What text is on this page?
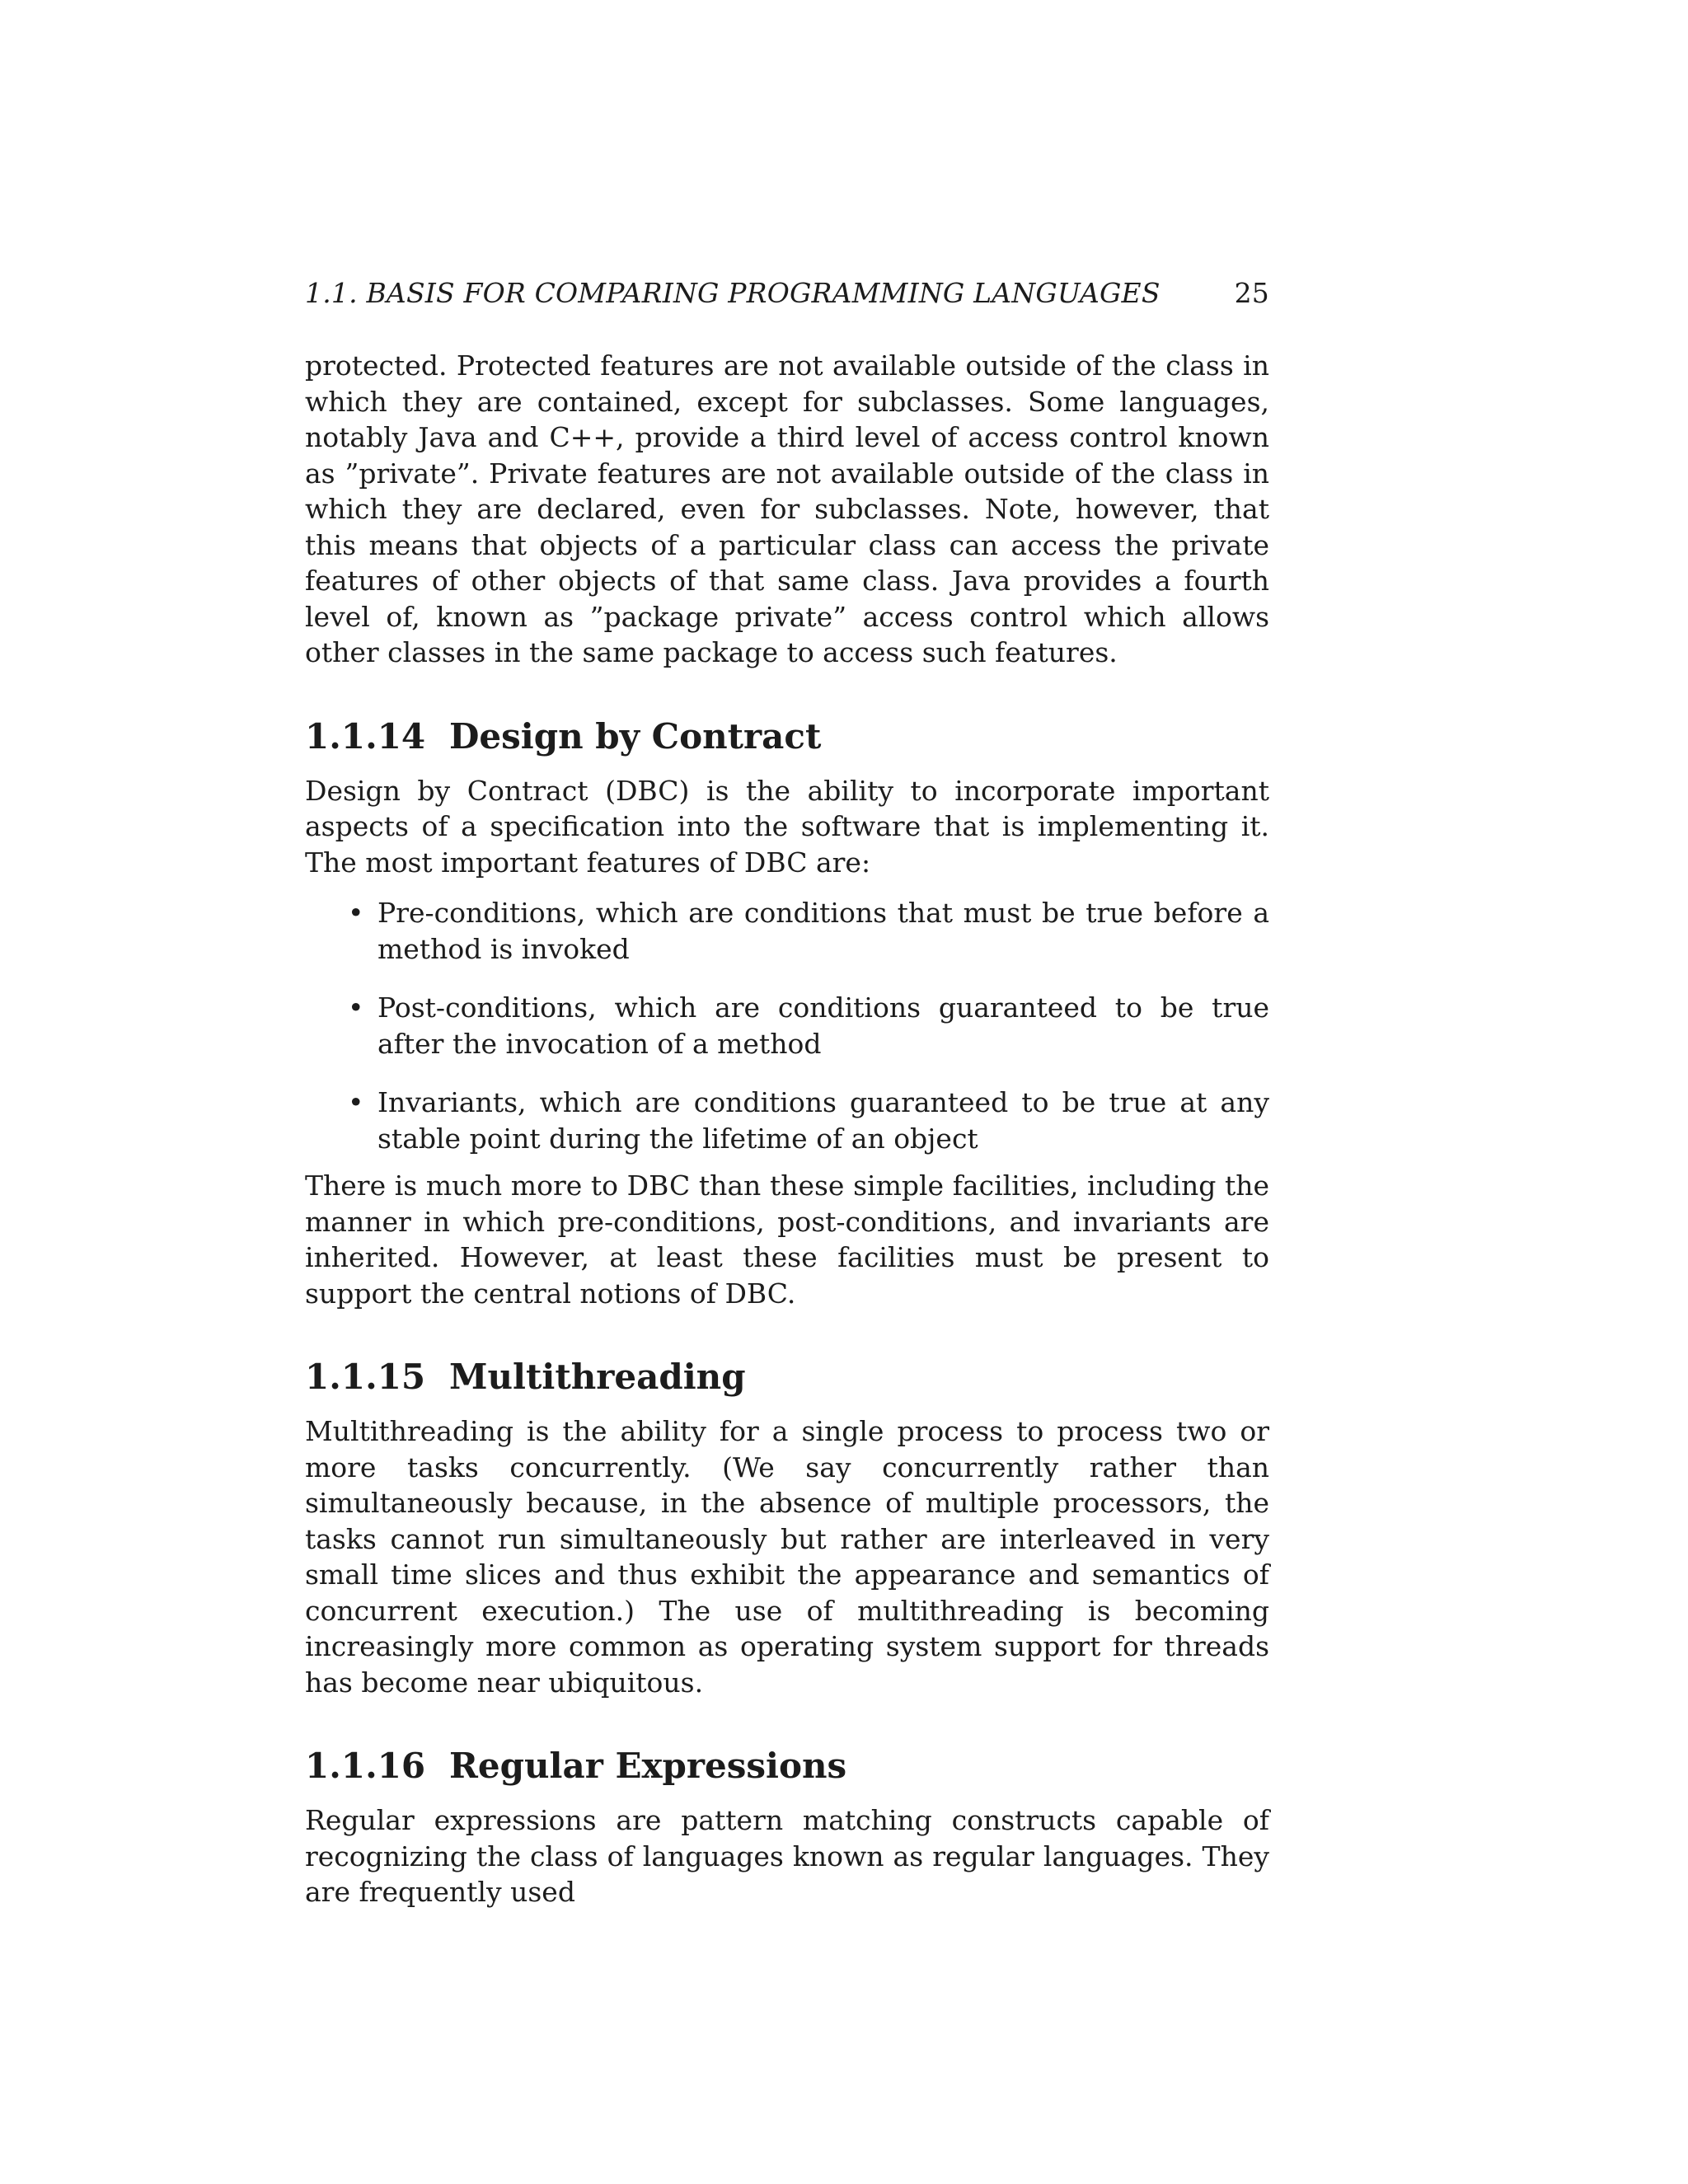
1.1. BASIS FOR COMPARING PROGRAMMING LANGUAGES	25

protected. Protected features are not available outside of the class in which they are contained, except for subclasses. Some languages, notably Java and C++, provide a third level of access control known as ”private”. Private features are not available outside of the class in which they are declared, even for subclasses. Note, however, that this means that objects of a particular class can access the private features of other objects of that same class. Java provides a fourth level of, known as ”package private” access control which allows other classes in the same package to access such features.

1.1.14 Design by Contract

Design by Contract (DBC) is the ability to incorporate important aspects of a specification into the software that is implementing it. The most important features of DBC are:

• Pre-conditions, which are conditions that must be true before a method is invoked
• Post-conditions, which are conditions guaranteed to be true after the invocation of a method
• Invariants, which are conditions guaranteed to be true at any stable point during the lifetime of an object

There is much more to DBC than these simple facilities, including the manner in which pre-conditions, post-conditions, and invariants are inherited. However, at least these facilities must be present to support the central notions of DBC.

1.1.15 Multithreading

Multithreading is the ability for a single process to process two or more tasks concurrently. (We say concurrently rather than simultaneously because, in the absence of multiple processors, the tasks cannot run simultaneously but rather are interleaved in very small time slices and thus exhibit the appearance and semantics of concurrent execution.) The use of multithreading is becoming increasingly more common as operating system support for threads has become near ubiquitous.

1.1.16 Regular Expressions

Regular expressions are pattern matching constructs capable of recognizing the class of languages known as regular languages. They are frequently used
